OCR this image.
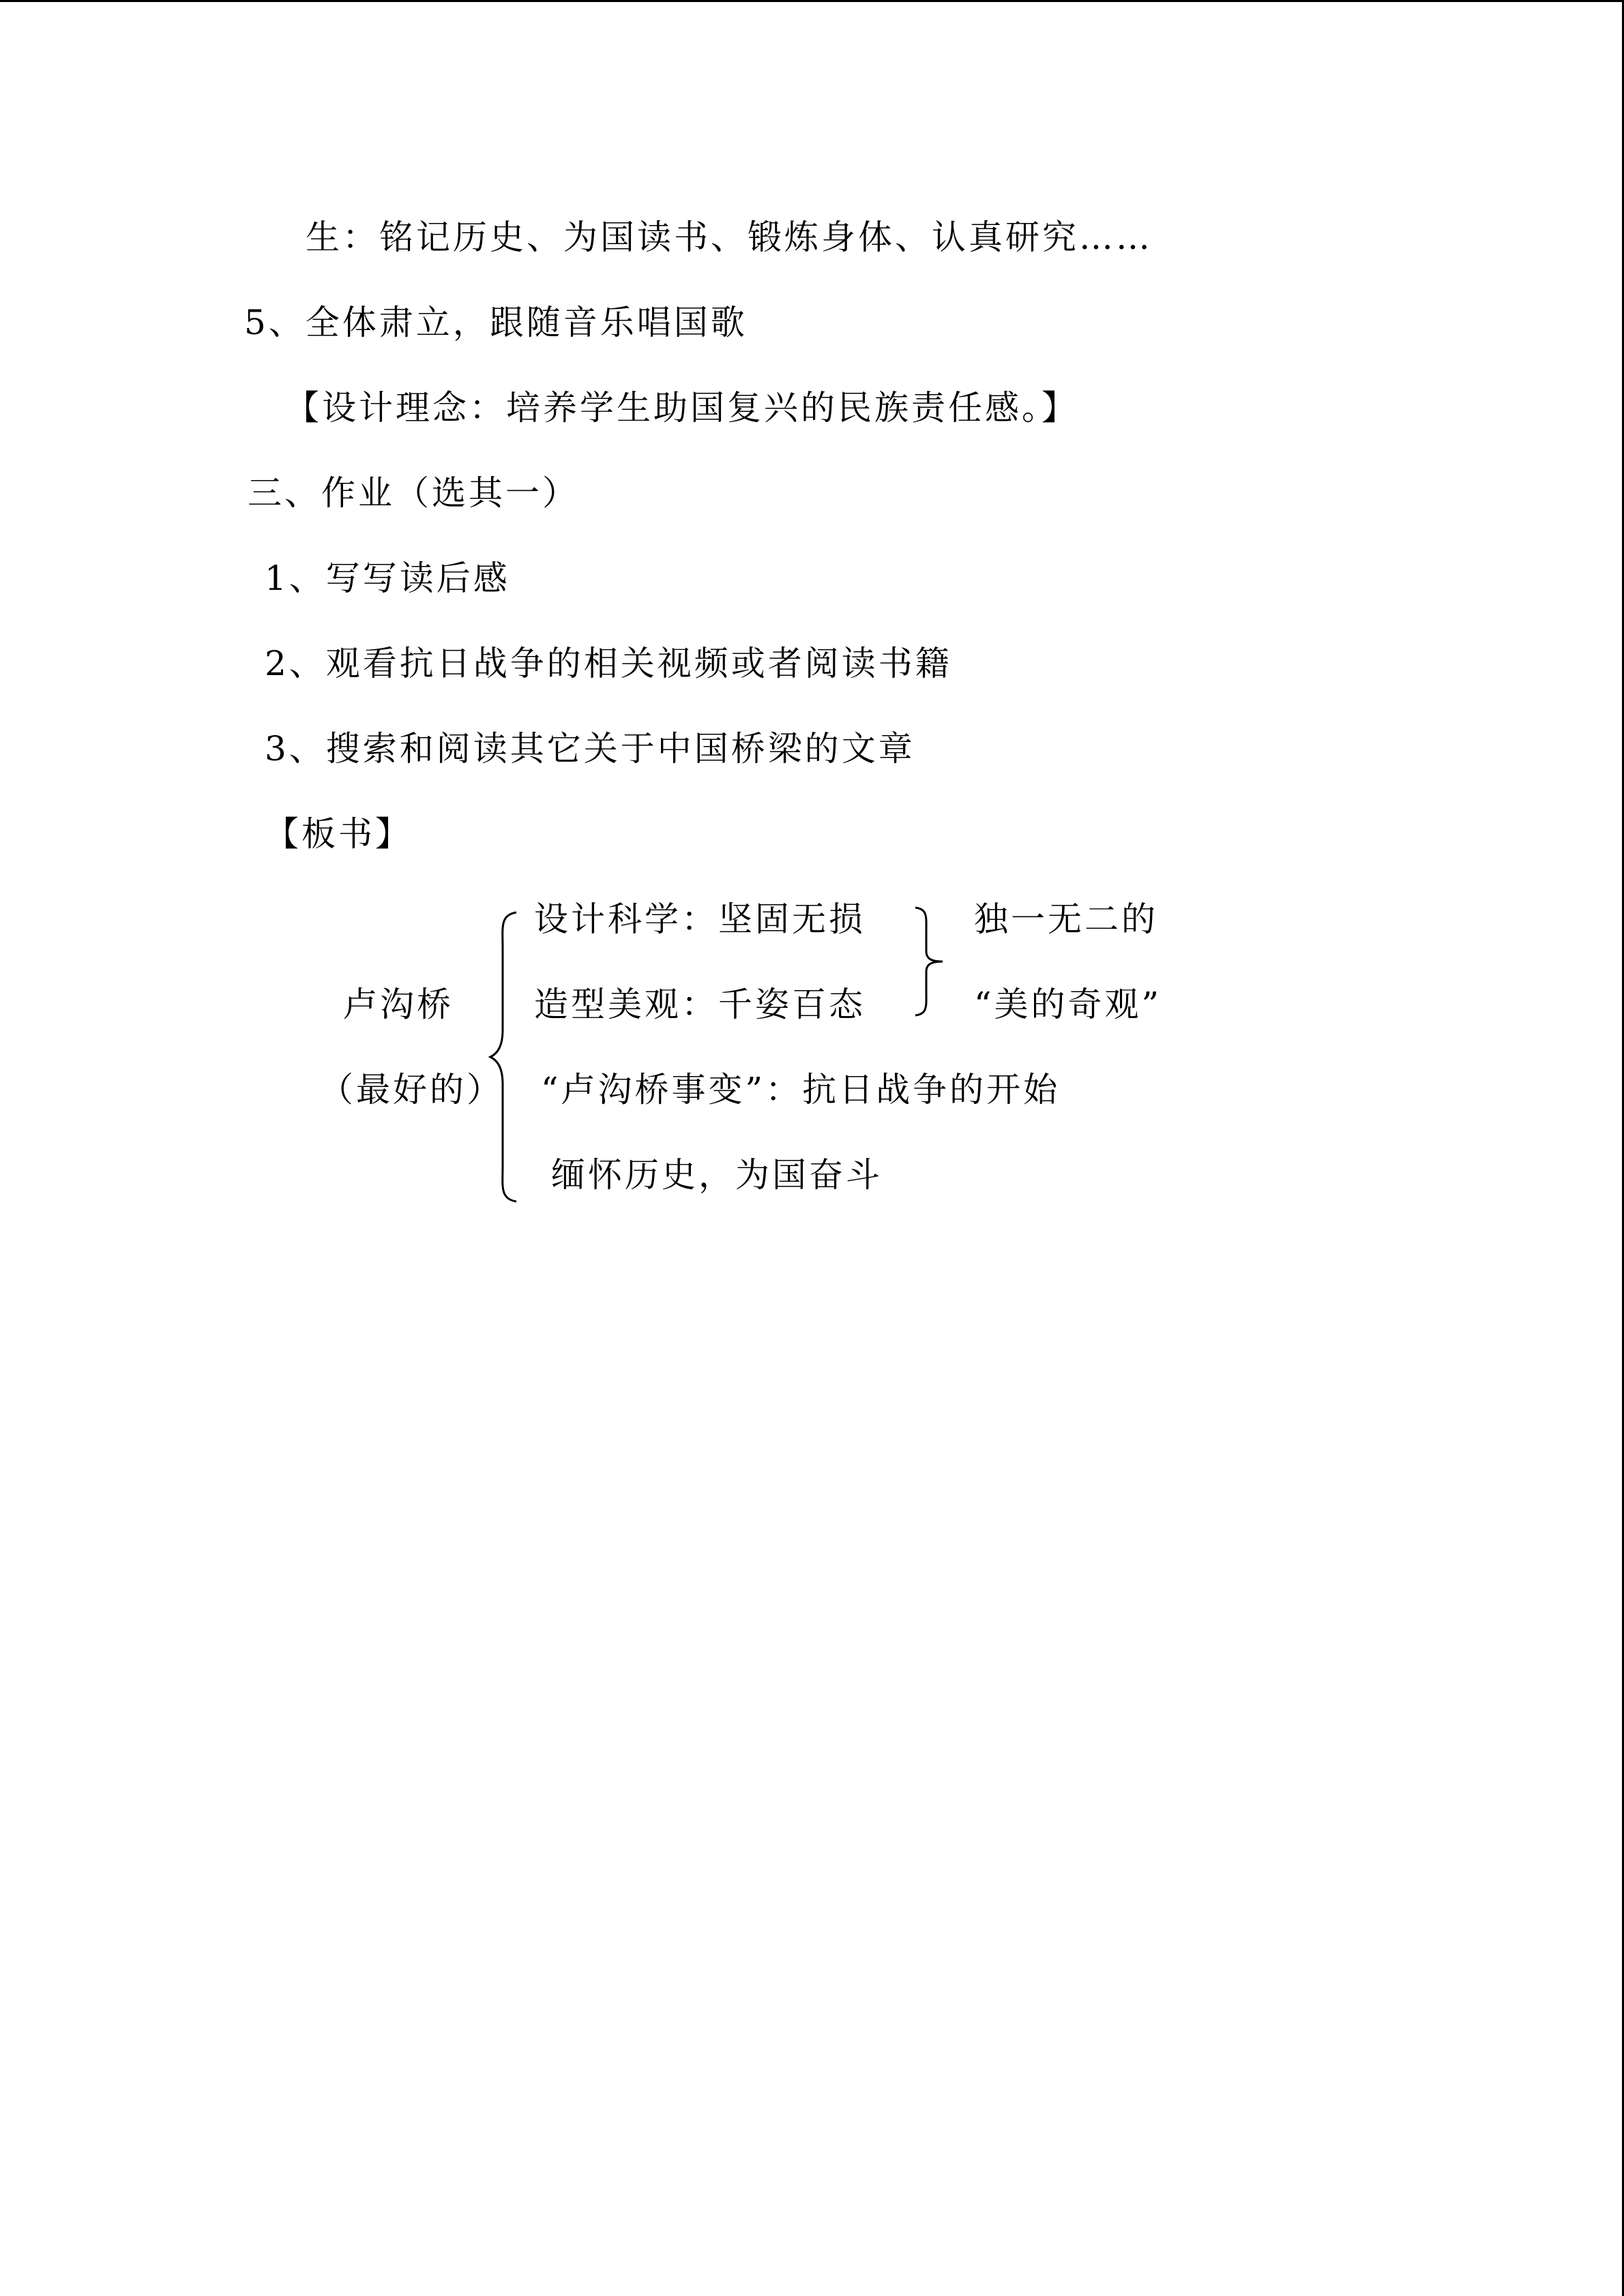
生：铭记历史、为国读书、锻炼身体、认真研究……
5、全体肃立，跟随音乐唱国歌
【设计理念：培养学生助国复兴的民族责任感。】
三、作业（选其一）
1、写写读后感
2、观看抗日战争的相关视频或者阅读书籍
3、搜索和阅读其它关于中国桥梁的文章
【板书】
卢沟桥
（最好的）
设计科学：坚固无损
造型美观：千姿百态
独一无二的
“美的奇观”
“卢沟桥事变”：抗日战争的开始
缅怀历史，为国奋斗
